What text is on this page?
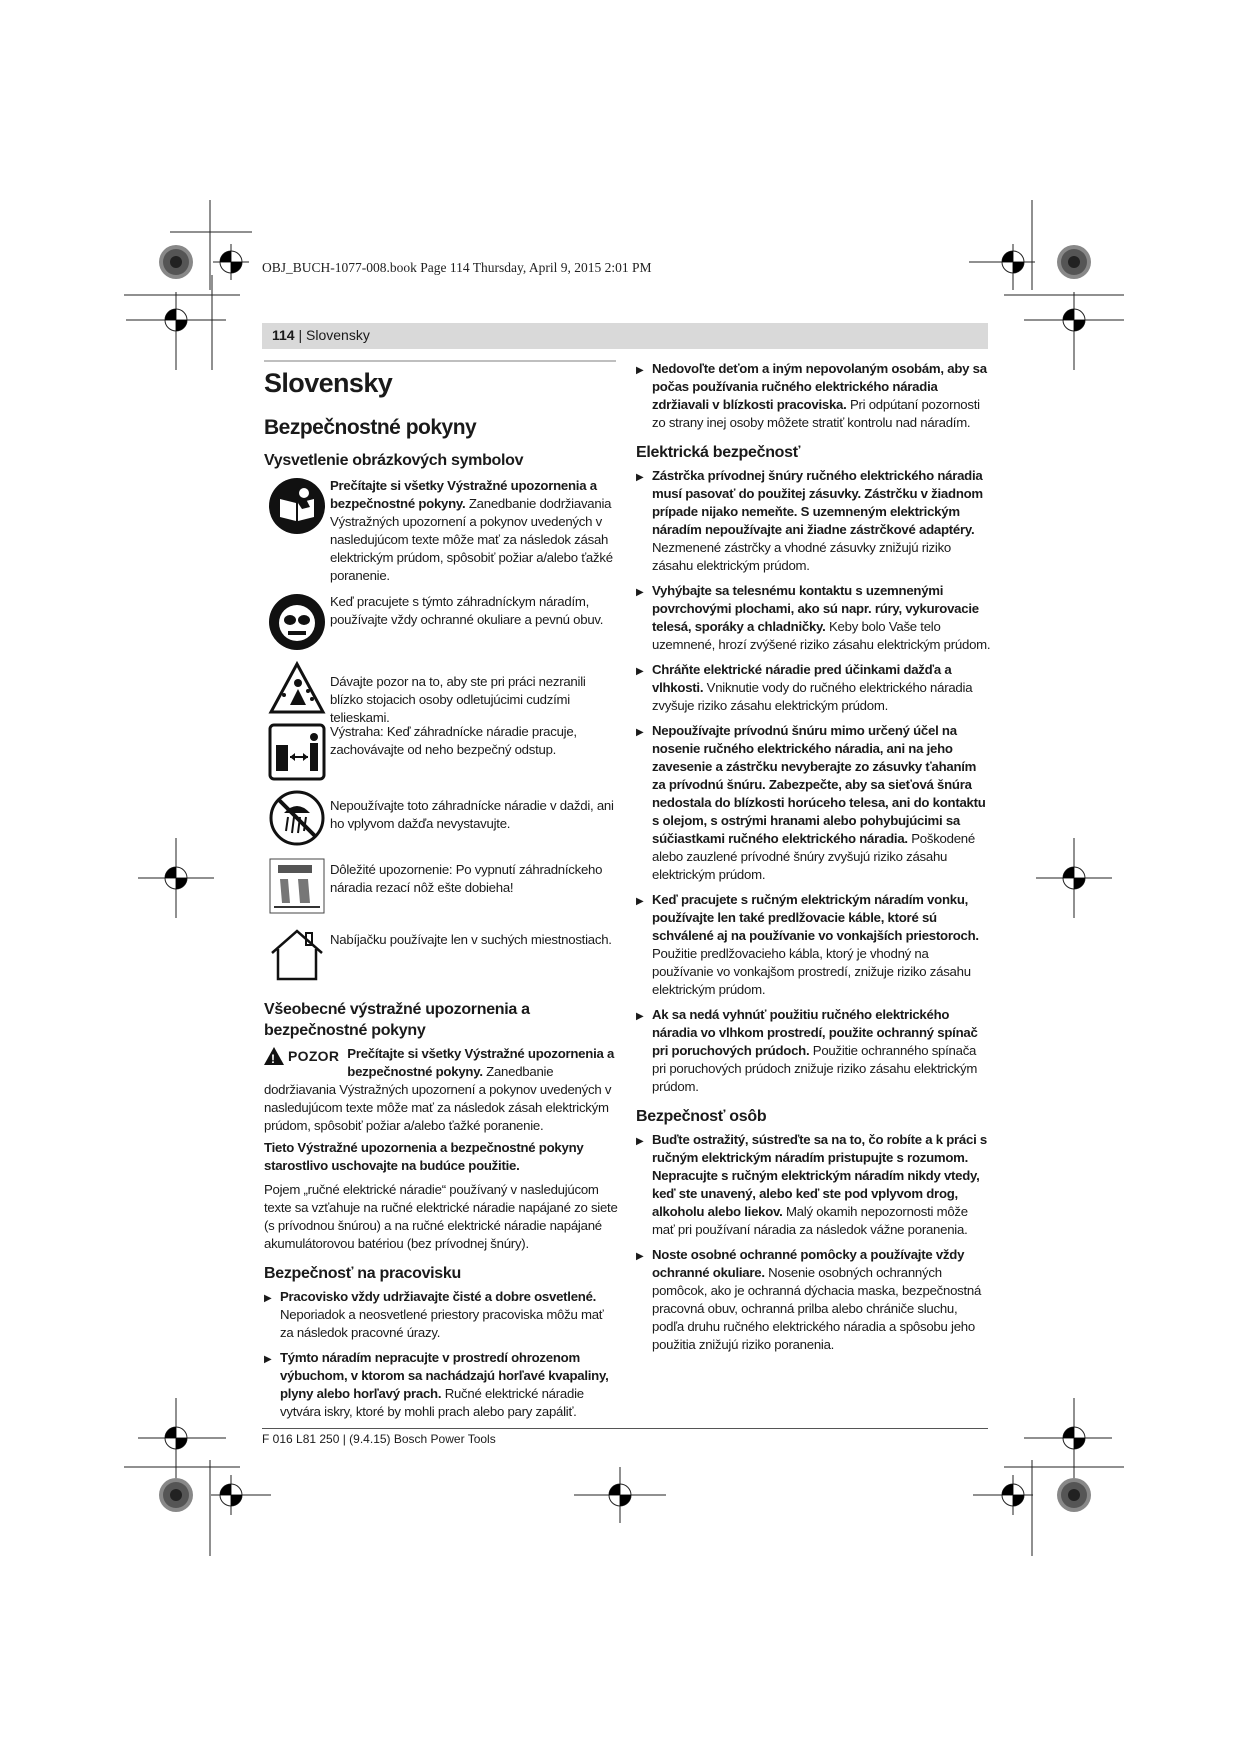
OBJ_BUCH-1077-008.book Page 114 Thursday, April 9, 2015 2:01 PM
114 | Slovensky
Slovensky
Bezpečnostné pokyny
Vysvetlenie obrázkových symbolov
Prečítajte si všetky Výstražné upozornenia a bezpečnostné pokyny. Zanedbanie dodržiavania Výstražných upozornení a pokynov uvedených v nasledujúcom texte môže mať za následok zásah elektrickým prúdom, spôsobiť požiar a/alebo ťažké poranenie.
Keď pracujete s týmto záhradníckym náradím, používajte vždy ochranné okuliare a pevnú obuv.
Dávajte pozor na to, aby ste pri práci nezranili blízko stojacich osoby odletujúcimi cudzími telieskami.
Výstraha: Keď záhradnícke náradie pracuje, zachovávajte od neho bezpečný odstup.
Nepoužívajte toto záhradnícke náradie v daždi, ani ho vplyvom dažďa nevystavujte.
Dôležité upozornenie: Po vypnutí záhradníckeho náradia rezací nôž ešte dobieha!
Nabíjačku používajte len v suchých miestnostiach.
Všeobecné výstražné upozornenia a bezpečnostné pokyny
! POZOR Prečítajte si všetky Výstražné upozornenia a bezpečnostné pokyny. Zanedbanie dodržiavania Výstražných upozornení a pokynov uvedených v nasledujúcom texte môže mať za následok zásah elektrickým prúdom, spôsobiť požiar a/alebo ťažké poranenie.
Tieto Výstražné upozornenia a bezpečnostné pokyny starostlivo uschovajte na budúce použitie.
Pojem „ručné elektrické náradie“ používaný v nasledujúcom texte sa vzťahuje na ručné elektrické náradie napájané zo siete (s prívodnou šnúrou) a na ručné elektrické náradie napájané akumulátorovou batériou (bez prívodnej šnúry).
Bezpečnosť na pracovisku
▶ Pracovisko vždy udržiavajte čisté a dobre osvetlené. Neporiadok a neosvetlené priestory pracoviska môžu mať za následok pracovné úrazy.
▶ Týmto náradím nepracujte v prostredí ohrozenom výbuchom, v ktorom sa nachádzajú horľavé kvapaliny, plyny alebo horľavý prach. Ručné elektrické náradie vytvára iskry, ktoré by mohli prach alebo pary zapáliť.
▶ Nedovoľte deťom a iným nepovolaným osobám, aby sa počas používania ručného elektrického náradia zdržiavali v blízkosti pracoviska. Pri odpútaní pozornosti zo strany inej osoby môžete stratiť kontrolu nad náradím.
Elektrická bezpečnosť
▶ Zástrčka prívodnej šnúry ručného elektrického náradia musí pasovať do použitej zásuvky. Zástrčku v žiadnom prípade nijako nemeňte. S uzemneným elektrickým náradím nepoužívajte ani žiadne zástrčkové adaptéry. Nezmenené zástrčky a vhodné zásuvky znižujú riziko zásahu elektrickým prúdom.
▶ Vyhýbajte sa telesnému kontaktu s uzemnenými povrchovými plochami, ako sú napr. rúry, vykurovacie telesá, sporáky a chladničky. Keby bolo Vaše telo uzemnené, hrozí zvýšené riziko zásahu elektrickým prúdom.
▶ Chráňte elektrické náradie pred účinkami dažďa a vlhkosti. Vniknutie vody do ručného elektrického náradia zvyšuje riziko zásahu elektrickým prúdom.
▶ Nepoužívajte prívodnú šnúru mimo určený účel na nosenie ručného elektrického náradia, ani na jeho zavesenie a zástrčku nevyberajte zo zásuvky ťahaním za prívodnú šnúru. Zabezpečte, aby sa sieťová šnúra nedostala do blízkosti horúceho telesa, ani do kontaktu s olejom, s ostrými hranami alebo pohybujúcimi sa súčiastkami ručného elektrického náradia. Poškodené alebo zauzlené prívodné šnúry zvyšujú riziko zásahu elektrickým prúdom.
▶ Keď pracujete s ručným elektrickým náradím vonku, používajte len také predlžovacie káble, ktoré sú schválené aj na používanie vo vonkajších priestoroch. Použitie predlžovacieho kábla, ktorý je vhodný na používanie vo vonkajšom prostredí, znižuje riziko zásahu elektrickým prúdom.
▶ Ak sa nedá vyhnúť použitiu ručného elektrického náradia vo vlhkom prostredí, použite ochranný spínač pri poruchových prúdoch. Použitie ochranného spínača pri poruchových prúdoch znižuje riziko zásahu elektrickým prúdom.
Bezpečnosť osôb
▶ Buďte ostražitý, sústreďte sa na to, čo robíte a k práci s ručným elektrickým náradím pristupujte s rozumom. Nepracujte s ručným elektrickým náradím nikdy vtedy, keď ste unavený, alebo keď ste pod vplyvom drog, alkoholu alebo liekov. Malý okamih nepozornosti môže mať pri používaní náradia za následok vážne poranenia.
▶ Noste osobné ochranné pomôcky a používajte vždy ochranné okuliare. Nosenie osobných ochranných pomôcok, ako je ochranná dýchacia maska, bezpečnostná pracovná obuv, ochranná prilba alebo chrániče sluchu, podľa druhu ručného elektrického náradia a spôsobu jeho použitia znižujú riziko poranenia.
F 016 L81 250 | (9.4.15) Bosch Power Tools
